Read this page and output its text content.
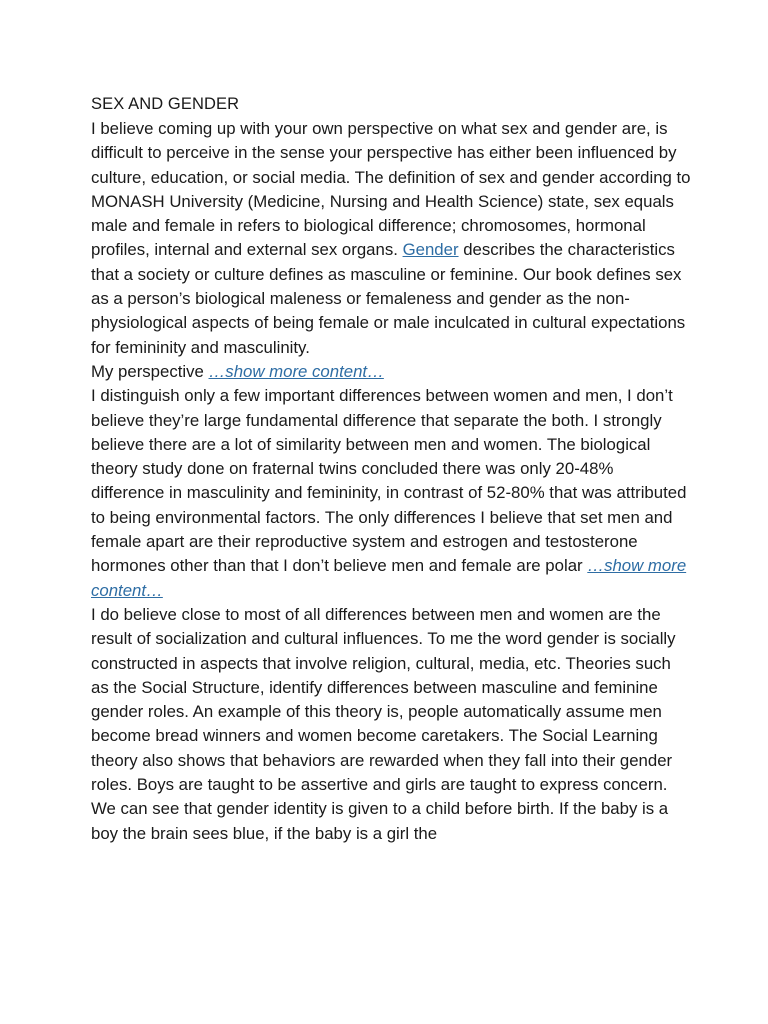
SEX AND GENDER

I believe coming up with your own perspective on what sex and gender are, is difficult to perceive in the sense your perspective has either been influenced by culture, education, or social media. The definition of sex and gender according to MONASH University (Medicine, Nursing and Health Science) state, sex equals male and female in refers to biological difference; chromosomes, hormonal profiles, internal and external sex organs. Gender describes the characteristics that a society or culture defines as masculine or feminine. Our book defines sex as a person’s biological maleness or femaleness and gender as the non-physiological aspects of being female or male inculcated in cultural expectations for femininity and masculinity.

My perspective …show more content…

I distinguish only a few important differences between women and men, I don’t believe they’re large fundamental difference that separate the both. I strongly believe there are a lot of similarity between men and women. The biological theory study done on fraternal twins concluded there was only 20-48% difference in masculinity and femininity, in contrast of 52-80% that was attributed to being environmental factors. The only differences I believe that set men and female apart are their reproductive system and estrogen and testosterone hormones other than that I don’t believe men and female are polar …show more content…

I do believe close to most of all differences between men and women are the result of socialization and cultural influences. To me the word gender is socially constructed in aspects that involve religion, cultural, media, etc. Theories such as the Social Structure, identify differences between masculine and feminine gender roles. An example of this theory is, people automatically assume men become bread winners and women become caretakers. The Social Learning theory also shows that behaviors are rewarded when they fall into their gender roles. Boys are taught to be assertive and girls are taught to express concern. We can see that gender identity is given to a child before birth. If the baby is a boy the brain sees blue, if the baby is a girl the
